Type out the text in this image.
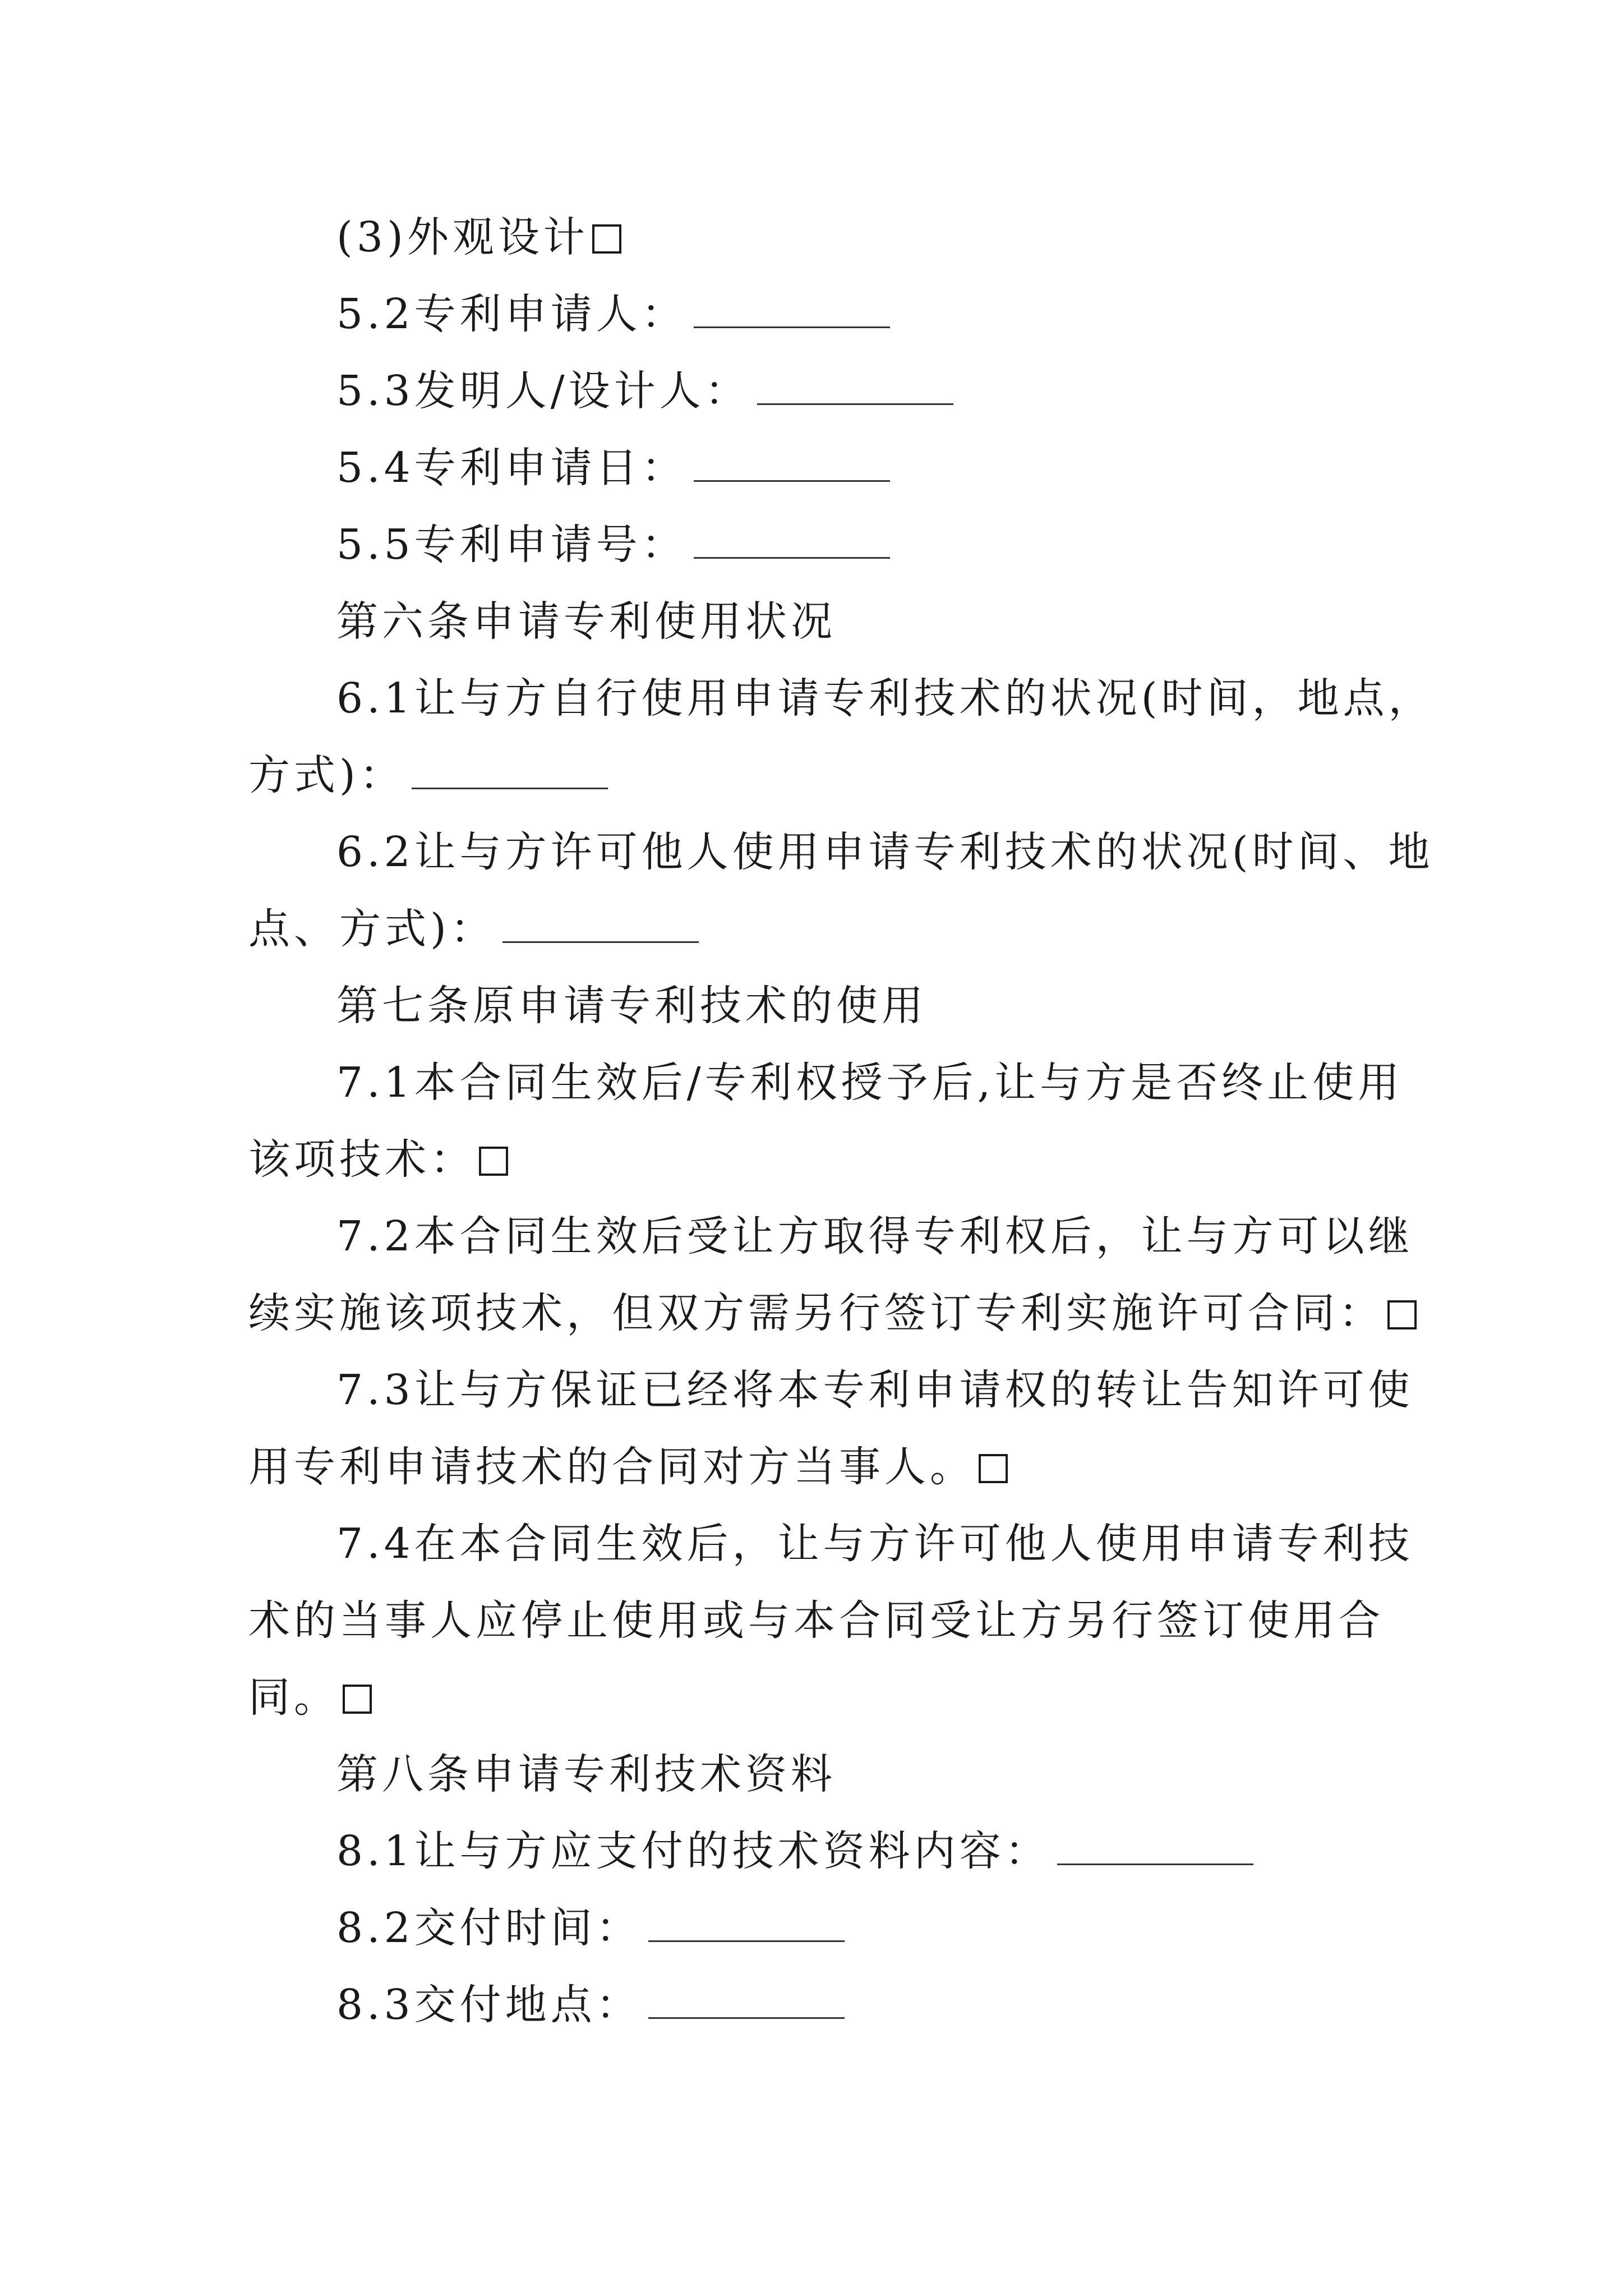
(3)外观设计
5.2专利申请人：
5.3发明人/设计人：
5.4专利申请日：
5.5专利申请号：
第六条申请专利使用状况
6.1让与方自行使用申请专利技术的状况(时间，地点，
方式)：
6.2让与方许可他人使用申请专利技术的状况(时间、地
点、方式)：
第七条原申请专利技术的使用
7.1本合同生效后/专利权授予后,让与方是否终止使用
该项技术：
7.2本合同生效后受让方取得专利权后，让与方可以继
续实施该项技术，但双方需另行签订专利实施许可合同：
7.3让与方保证已经将本专利申请权的转让告知许可使
用专利申请技术的合同对方当事人。
7.4在本合同生效后，让与方许可他人使用申请专利技
术的当事人应停止使用或与本合同受让方另行签订使用合
同。
第八条申请专利技术资料
8.1让与方应支付的技术资料内容：
8.2交付时间：
8.3交付地点：
